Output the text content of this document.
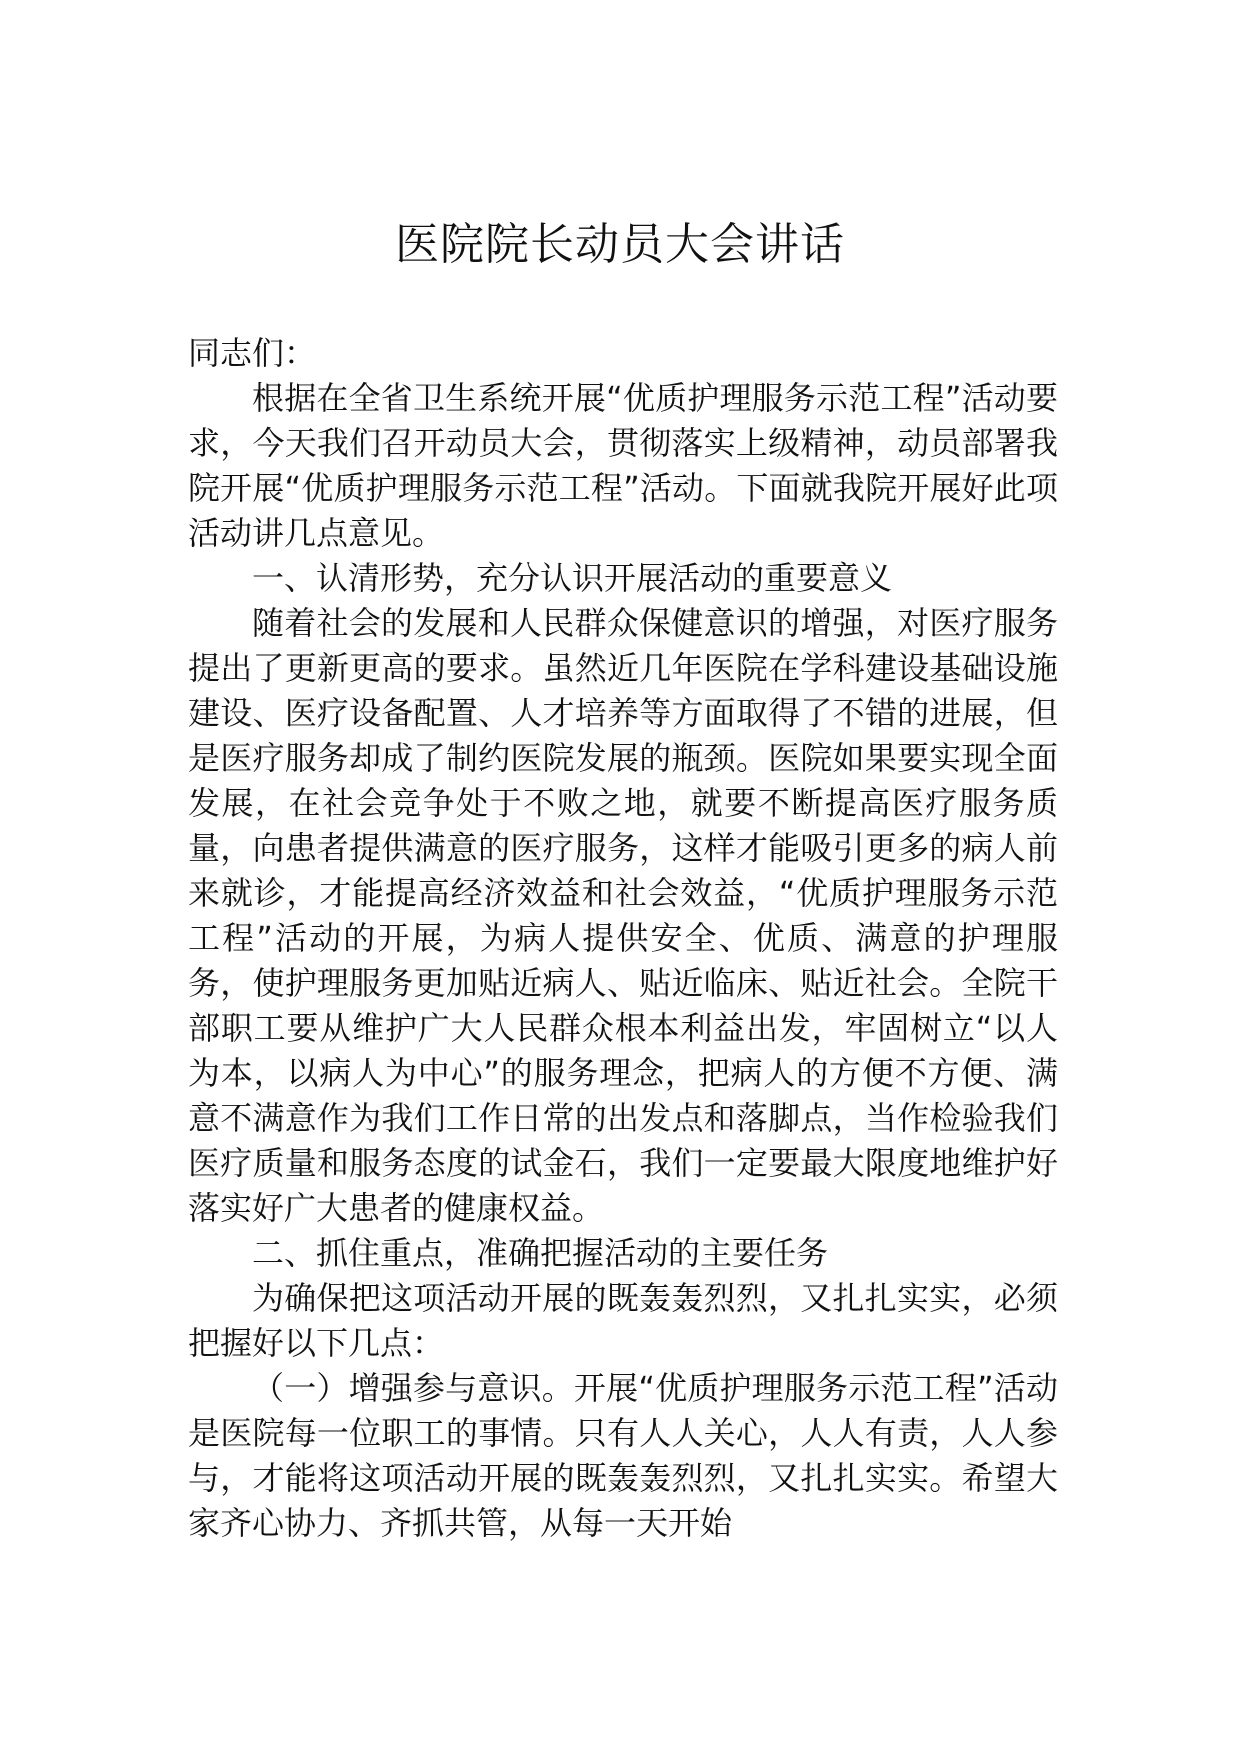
医院院长动员大会讲话

同志们：

根据在全省卫生系统开展“优质护理服务示范工程”活动要求，今天我们召开动员大会，贯彻落实上级精神，动员部署我院开展“优质护理服务示范工程”活动。下面就我院开展好此项活动讲几点意见。

一、认清形势，充分认识开展活动的重要意义

随着社会的发展和人民群众保健意识的增强，对医疗服务提出了更新更高的要求。虽然近几年医院在学科建设基础设施建设、医疗设备配置、人才培养等方面取得了不错的进展，但是医疗服务却成了制约医院发展的瓶颈。医院如果要实现全面发展，在社会竞争处于不败之地，就要不断提高医疗服务质量，向患者提供满意的医疗服务，这样才能吸引更多的病人前来就诊，才能提高经济效益和社会效益，“优质护理服务示范工程”活动的开展，为病人提供安全、优质、满意的护理服务，使护理服务更加贴近病人、贴近临床、贴近社会。全院干部职工要从维护广大人民群众根本利益出发，牢固树立“以人为本，以病人为中心”的服务理念，把病人的方便不方便、满意不满意作为我们工作日常的出发点和落脚点，当作检验我们医疗质量和服务态度的试金石，我们一定要最大限度地维护好落实好广大患者的健康权益。

二、抓住重点，准确把握活动的主要任务

为确保把这项活动开展的既轰轰烈烈，又扎扎实实，必须把握好以下几点：

（一）增强参与意识。开展“优质护理服务示范工程”活动是医院每一位职工的事情。只有人人关心，人人有责，人人参与，才能将这项活动开展的既轰轰烈烈，又扎扎实实。希望大家齐心协力、齐抓共管，从每一天开始
